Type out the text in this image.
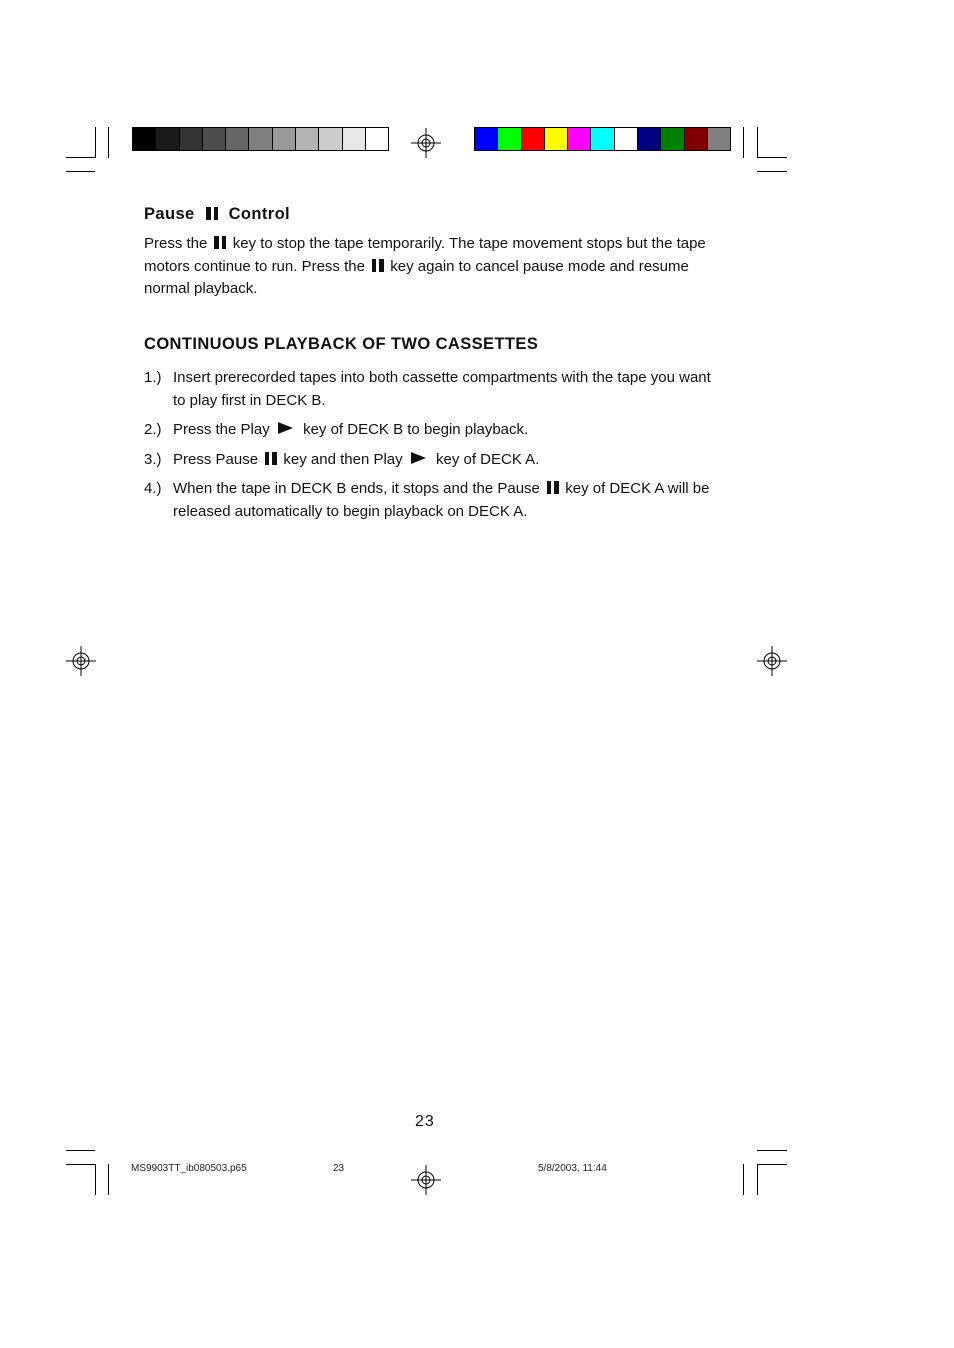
Pause Control

Press the key to stop the tape temporarily. The tape movement stops but the tape motors continue to run. Press the key again to cancel pause mode and resume normal playback.

CONTINUOUS PLAYBACK OF TWO CASSETTES
1.) Insert prerecorded tapes into both cassette compartments with the tape you want to play first in DECK B.
2.) Press the Play key of DECK B to begin playback.
3.) Press Pause key and then Play key of DECK A.
4.) When the tape in DECK B ends, it stops and the Pause key of DECK A will be released automatically to begin playback on DECK A.
23
MS9903TT_ib080503.p65	23	5/8/2003, 11:44
